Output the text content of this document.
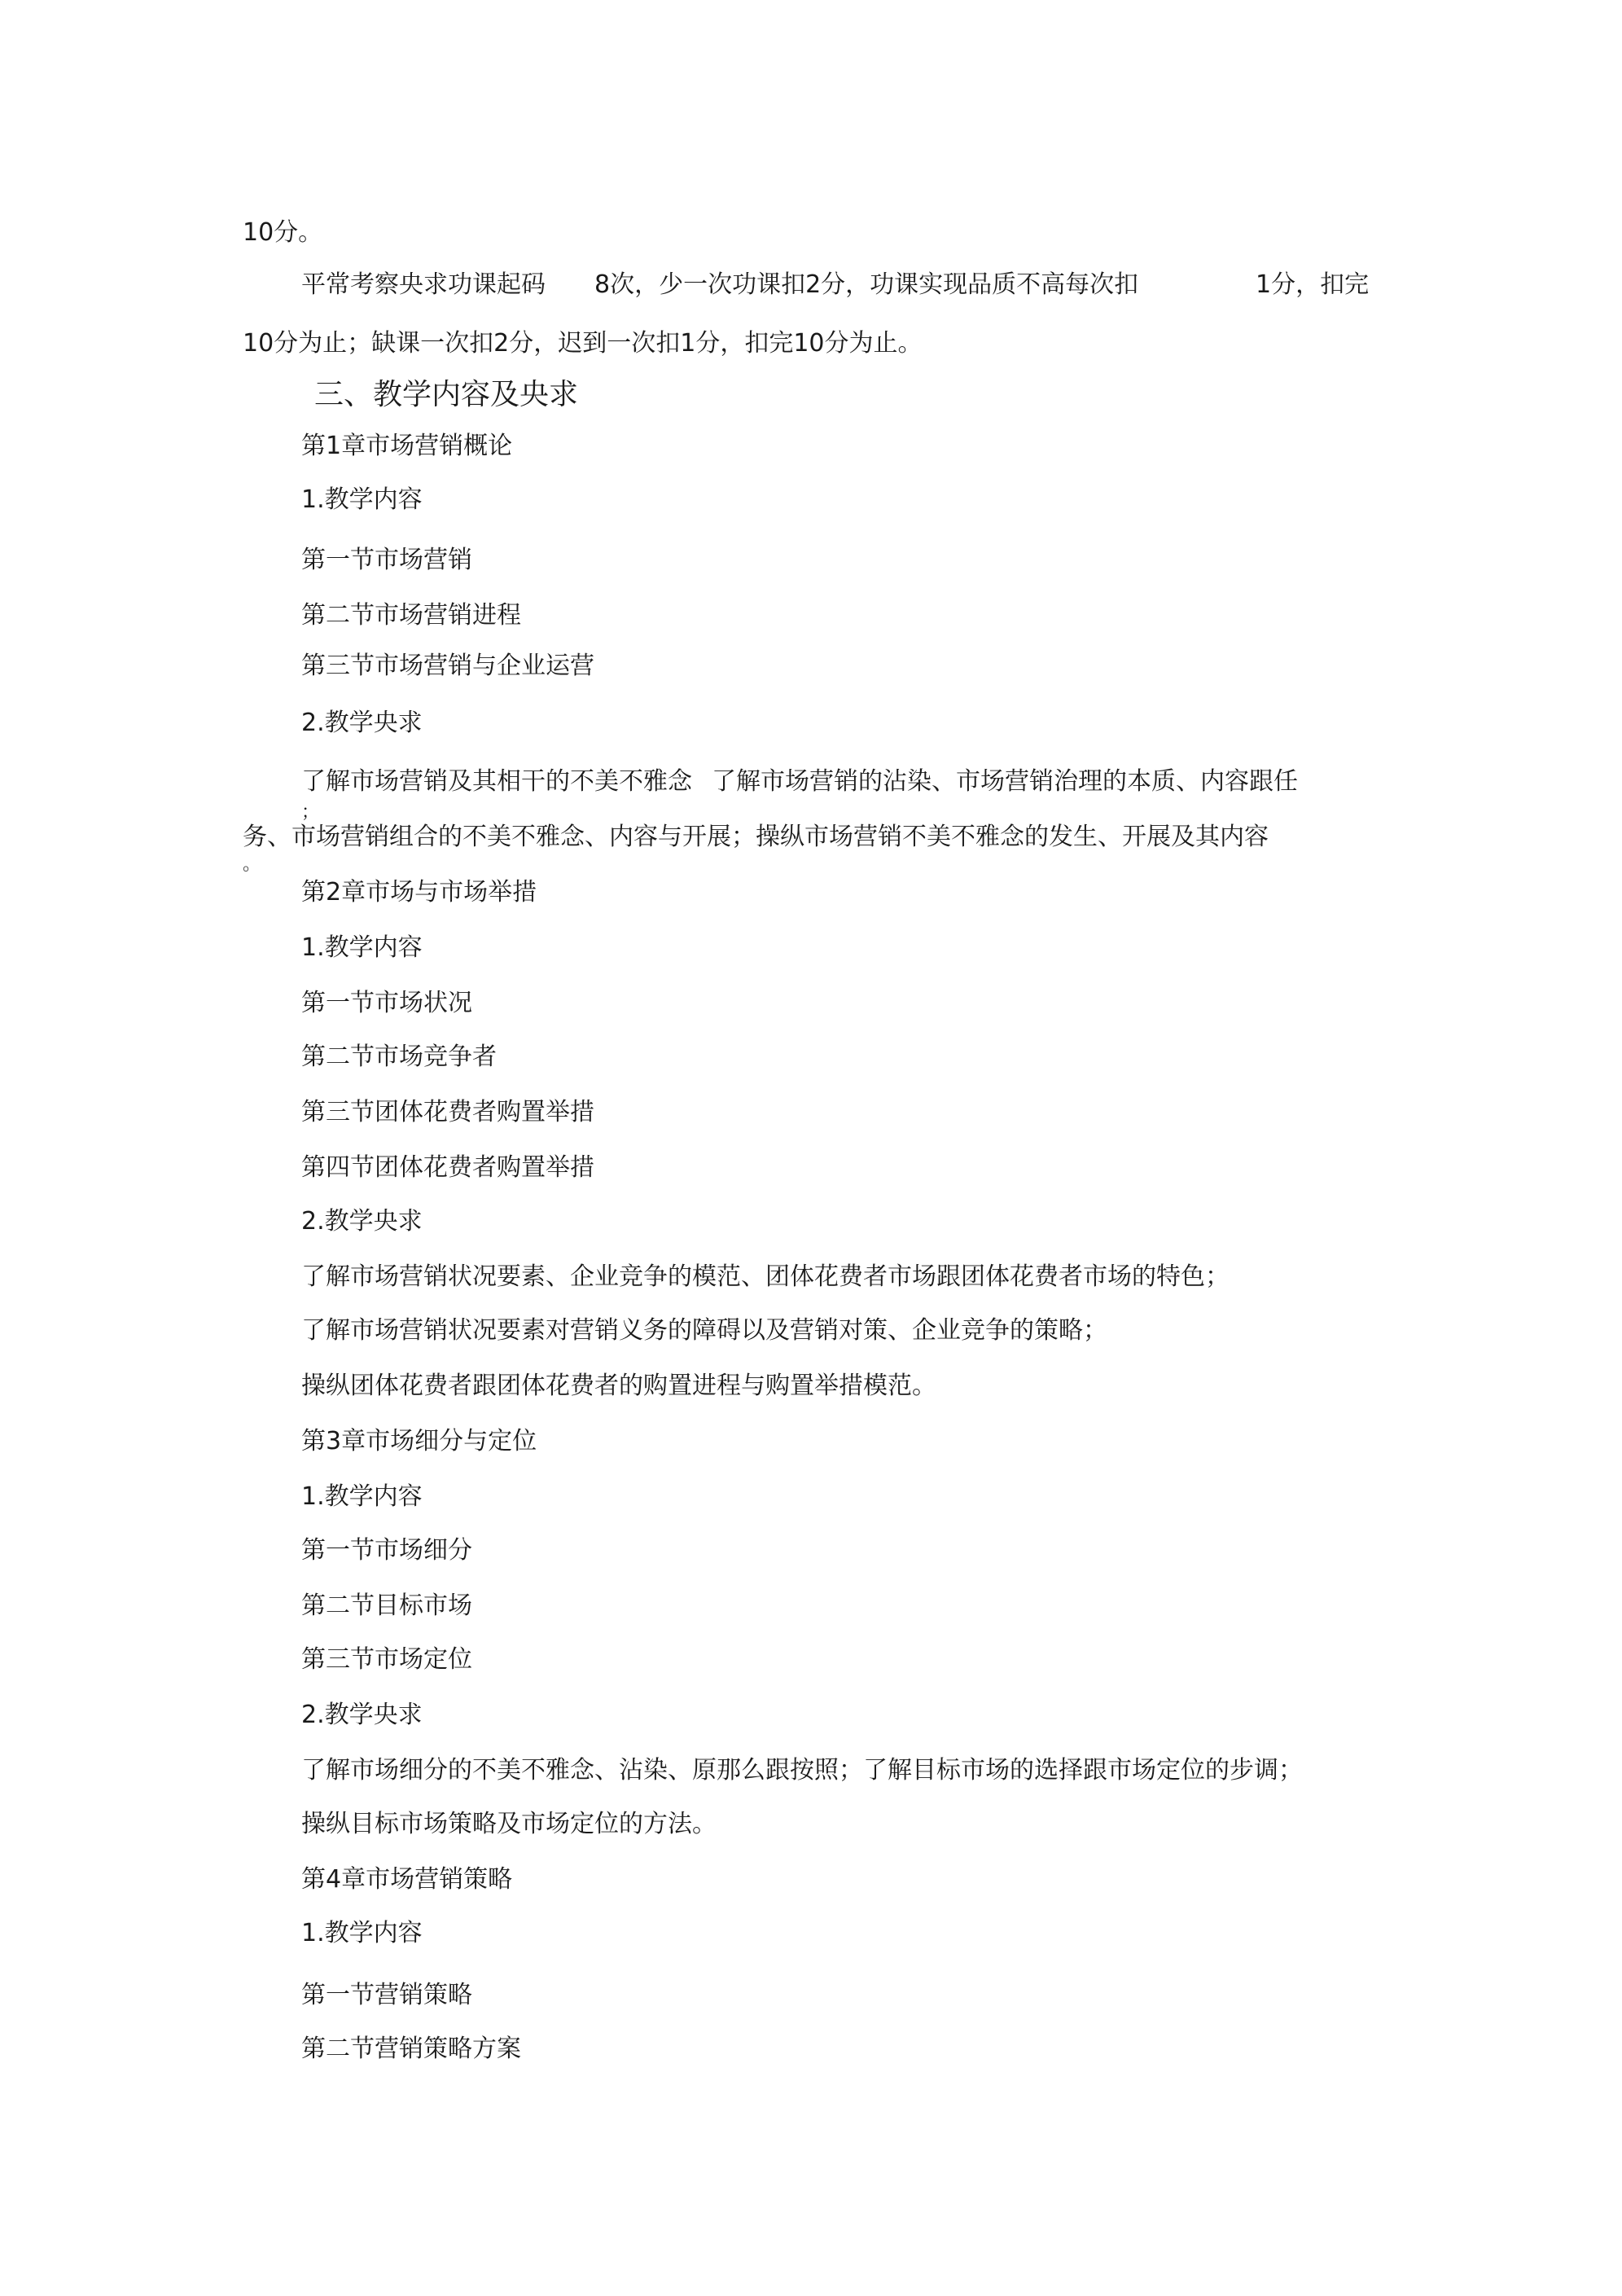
10分。
平常考察央求功课起码 8次，少一次功课扣2分，功课实现品质不高每次扣	1分，扣完
10分为止；缺课一次扣2分，迟到一次扣1分，扣完10分为止。
三、教学内容及央求
第1章市场营销概论
1.教学内容
第一节市场营销
第二节市场营销进程
第三节市场营销与企业运营
2.教学央求
了解市场营销及其相干的不美不雅念 了解市场营销的沾染、市场营销治理的本质、内容跟任
；
务、市场营销组合的不美不雅念、内容与开展；操纵市场营销不美不雅念的发生、开展及其内容
。
第2章市场与市场举措
1.教学内容
第一节市场状况
第二节市场竞争者
第三节团体花费者购置举措
第四节团体花费者购置举措
2.教学央求
了解市场营销状况要素、企业竞争的模范、团体花费者市场跟团体花费者市场的特色；
了解市场营销状况要素对营销义务的障碍以及营销对策、企业竞争的策略；
操纵团体花费者跟团体花费者的购置进程与购置举措模范。
第3章市场细分与定位
1.教学内容
第一节市场细分
第二节目标市场
第三节市场定位
2.教学央求
了解市场细分的不美不雅念、沾染、原那么跟按照；了解目标市场的选择跟市场定位的步调；
操纵目标市场策略及市场定位的方法。
第4章市场营销策略
1.教学内容
第一节营销策略
第二节营销策略方案
